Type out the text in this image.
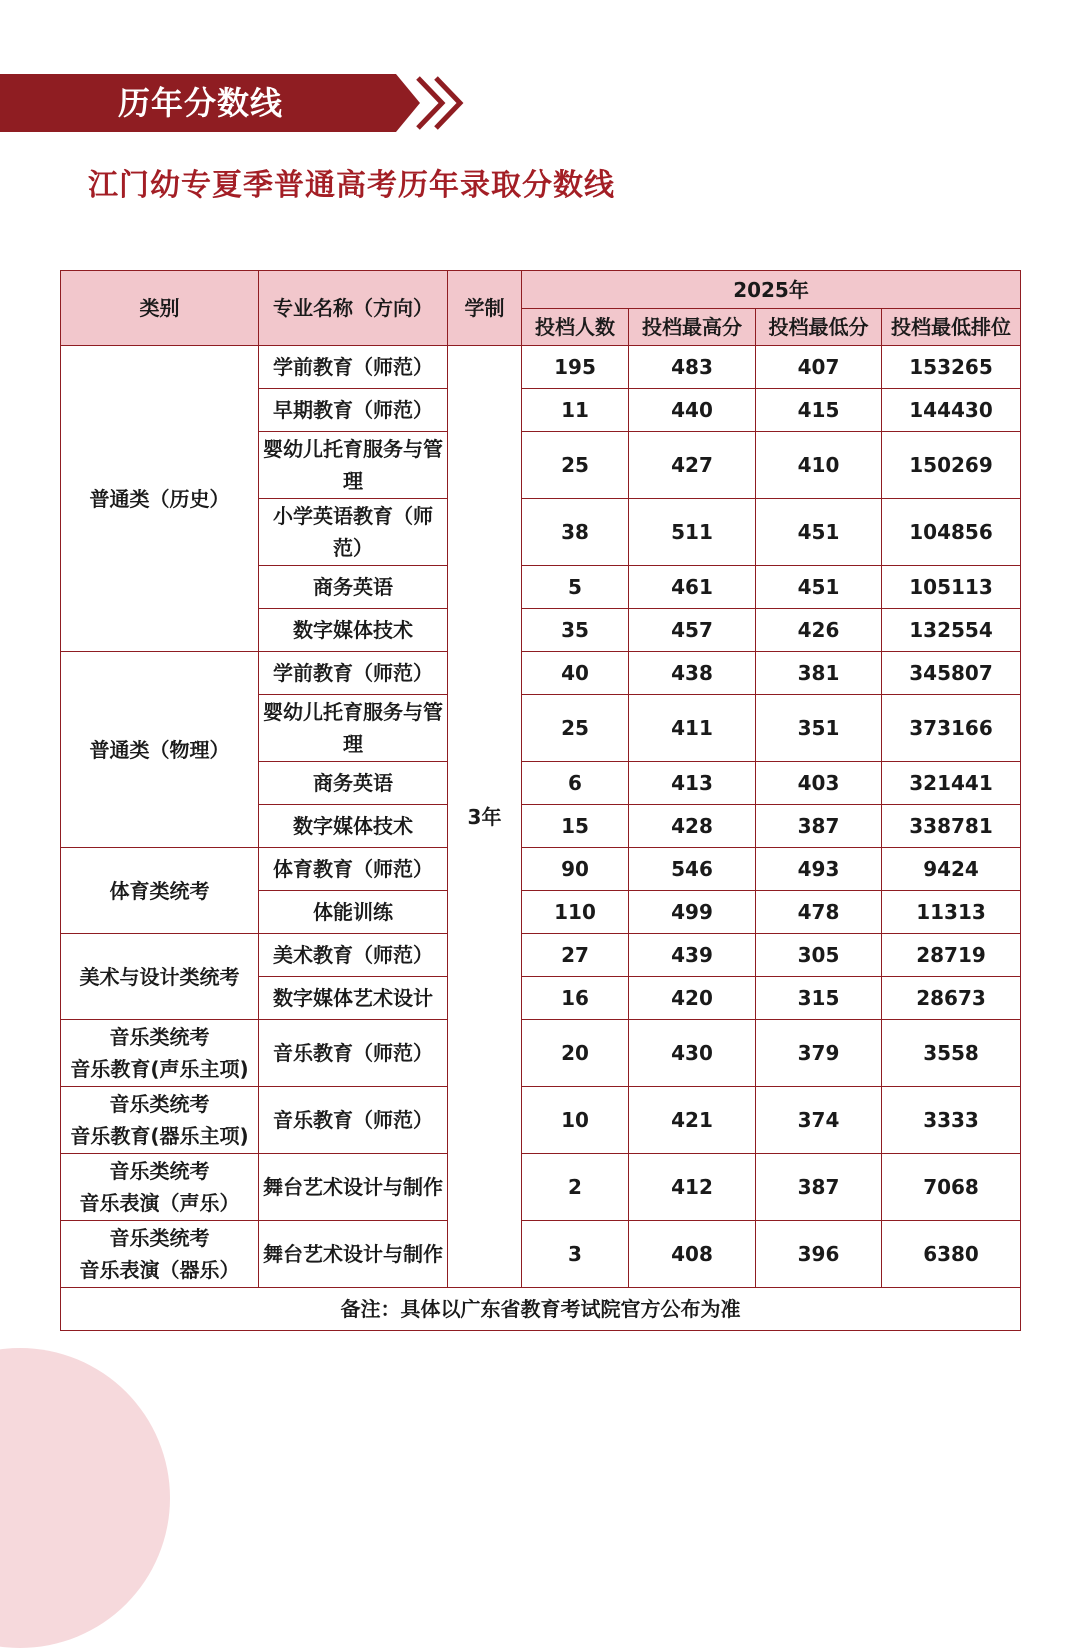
历年分数线
江门幼专夏季普通高考历年录取分数线
类别	专业名称（方向）	学制	2025年			
			投档人数	投档最高分	投档最低分	投档最低排位

普通类（历史）	学前教育（师范）	3年	195	483	407	153265
	早期教育（师范）		11	440	415	144430
	婴幼儿托育服务与管理		25	427	410	150269
	小学英语教育（师范）		38	511	451	104856
	商务英语		5	461	451	105113
	数字媒体技术		35	457	426	132554

普通类（物理）	学前教育（师范）		40	438	381	345807
	婴幼儿托育服务与管理		25	411	351	373166
	商务英语		6	413	403	321441
	数字媒体技术		15	428	387	338781

体育类统考	体育教育（师范）		90	546	493	9424
	体能训练		110	499	478	11313

美术与设计类统考	美术教育（师范）		27	439	305	28719
	数字媒体艺术设计		16	420	315	28673

音乐类统考
音乐教育(声乐主项)	音乐教育（师范）		20	430	379	3558

音乐类统考
音乐教育(器乐主项)	音乐教育（师范）		10	421	374	3333

音乐类统考
音乐表演（声乐）	舞台艺术设计与制作		2	412	387	7068

音乐类统考
音乐表演（器乐）	舞台艺术设计与制作		3	408	396	6380
备注：具体以广东省教育考试院官方公布为准						
